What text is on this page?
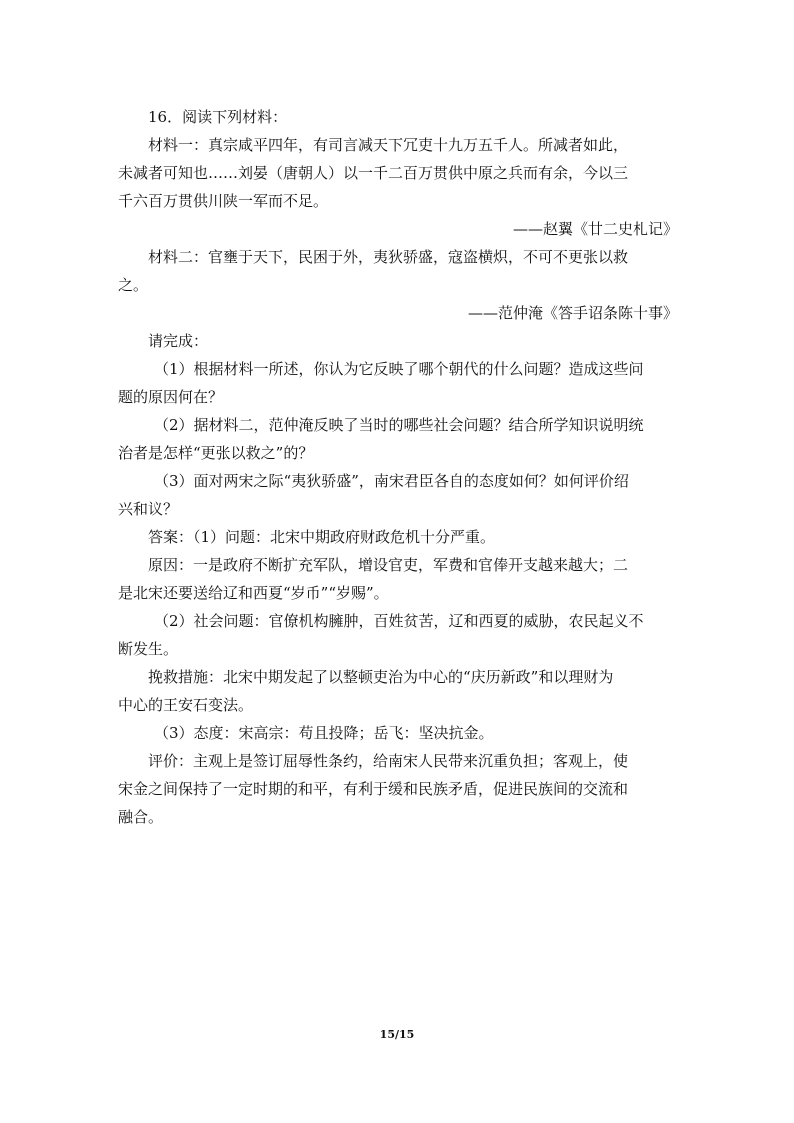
16．阅读下列材料：
材料一：真宗咸平四年，有司言减天下冗吏十九万五千人。所减者如此，
未减者可知也……刘晏（唐朝人）以一千二百万贯供中原之兵而有余，今以三
千六百万贯供川陕一军而不足。
——赵翼《廿二史札记》
材料二：官壅于天下，民困于外，夷狄骄盛，寇盗横炽，不可不更张以救
之。
——范仲淹《答手诏条陈十事》
请完成：
（1）根据材料一所述，你认为它反映了哪个朝代的什么问题？造成这些问
题的原因何在？
（2）据材料二，范仲淹反映了当时的哪些社会问题？结合所学知识说明统
治者是怎样“更张以救之”的？
（3）面对两宋之际“夷狄骄盛”，南宋君臣各自的态度如何？如何评价绍
兴和议？
答案：（1）问题：北宋中期政府财政危机十分严重。
原因：一是政府不断扩充军队，增设官吏，军费和官俸开支越来越大；二
是北宋还要送给辽和西夏“岁币”“岁赐”。
（2）社会问题：官僚机构臃肿，百姓贫苦，辽和西夏的威胁，农民起义不
断发生。
挽救措施：北宋中期发起了以整顿吏治为中心的“庆历新政”和以理财为
中心的王安石变法。
（3）态度：宋高宗：苟且投降；岳飞：坚决抗金。
评价：主观上是签订屈辱性条约，给南宋人民带来沉重负担；客观上，使
宋金之间保持了一定时期的和平，有利于缓和民族矛盾，促进民族间的交流和
融合。
15/15
